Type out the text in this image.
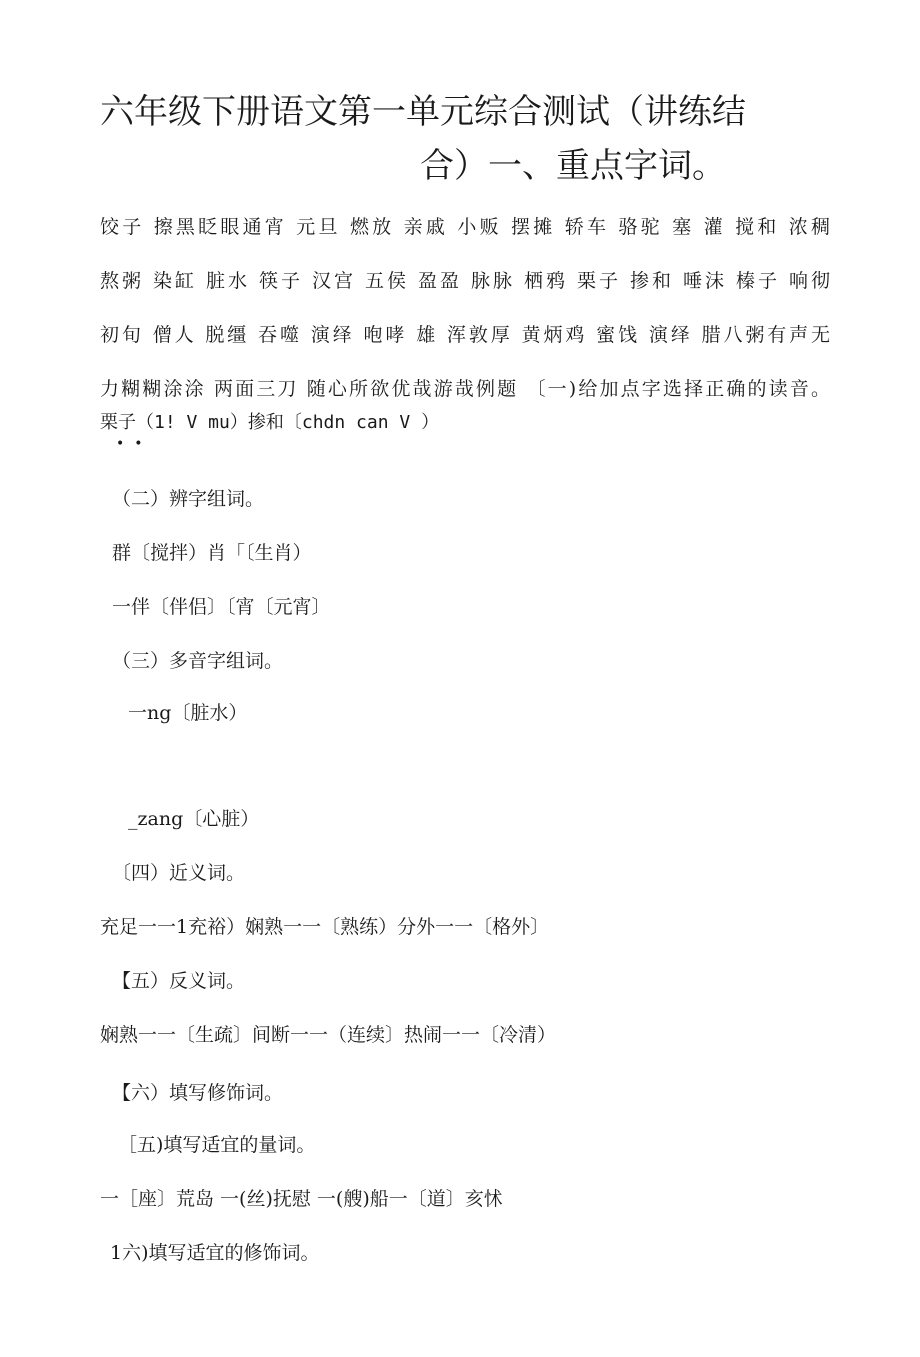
六年级下册语文第一单元综合测试（讲练结
合）一、重点字词。

饺子 擦黑眨眼通宵 元旦 燃放 亲戚 小贩 摆摊 轿车 骆驼 塞 灌 搅和 浓稠

熬粥 染缸 脏水 筷子 汉宫 五侯 盈盈 脉脉 栖鸦 栗子 掺和 唾沫 榛子 响彻

初旬 僧人 脱缰 吞噬 演绎 咆哮 雄 浑敦厚 黄炳鸡 蜜饯 演绎 腊八粥有声无

力糊糊涂涂 两面三刀 随心所欲优哉游哉例题 〔一)给加点字选择正确的读音。

栗子（1! V mu）掺和〔chdn can V ）

••

（二）辨字组词。

群〔搅拌）肖「〔生肖）

一伴〔伴侣〕〔宵〔元宵〕

（三）多音字组词。

一ng〔脏水）

_zang〔心脏）

〔四）近义词。

充足一一1充裕）娴熟一一〔熟练）分外一一〔格外〕

【五）反义词。

娴熟一一〔生疏〕间断一一（连续〕热闹一一〔冷清）

【六）填写修饰词。

［五)填写适宜的量词。

一［座〕荒岛 一(丝)抚慰 一(艘)船一〔道〕亥怵

1六)填写适宜的修饰词。
